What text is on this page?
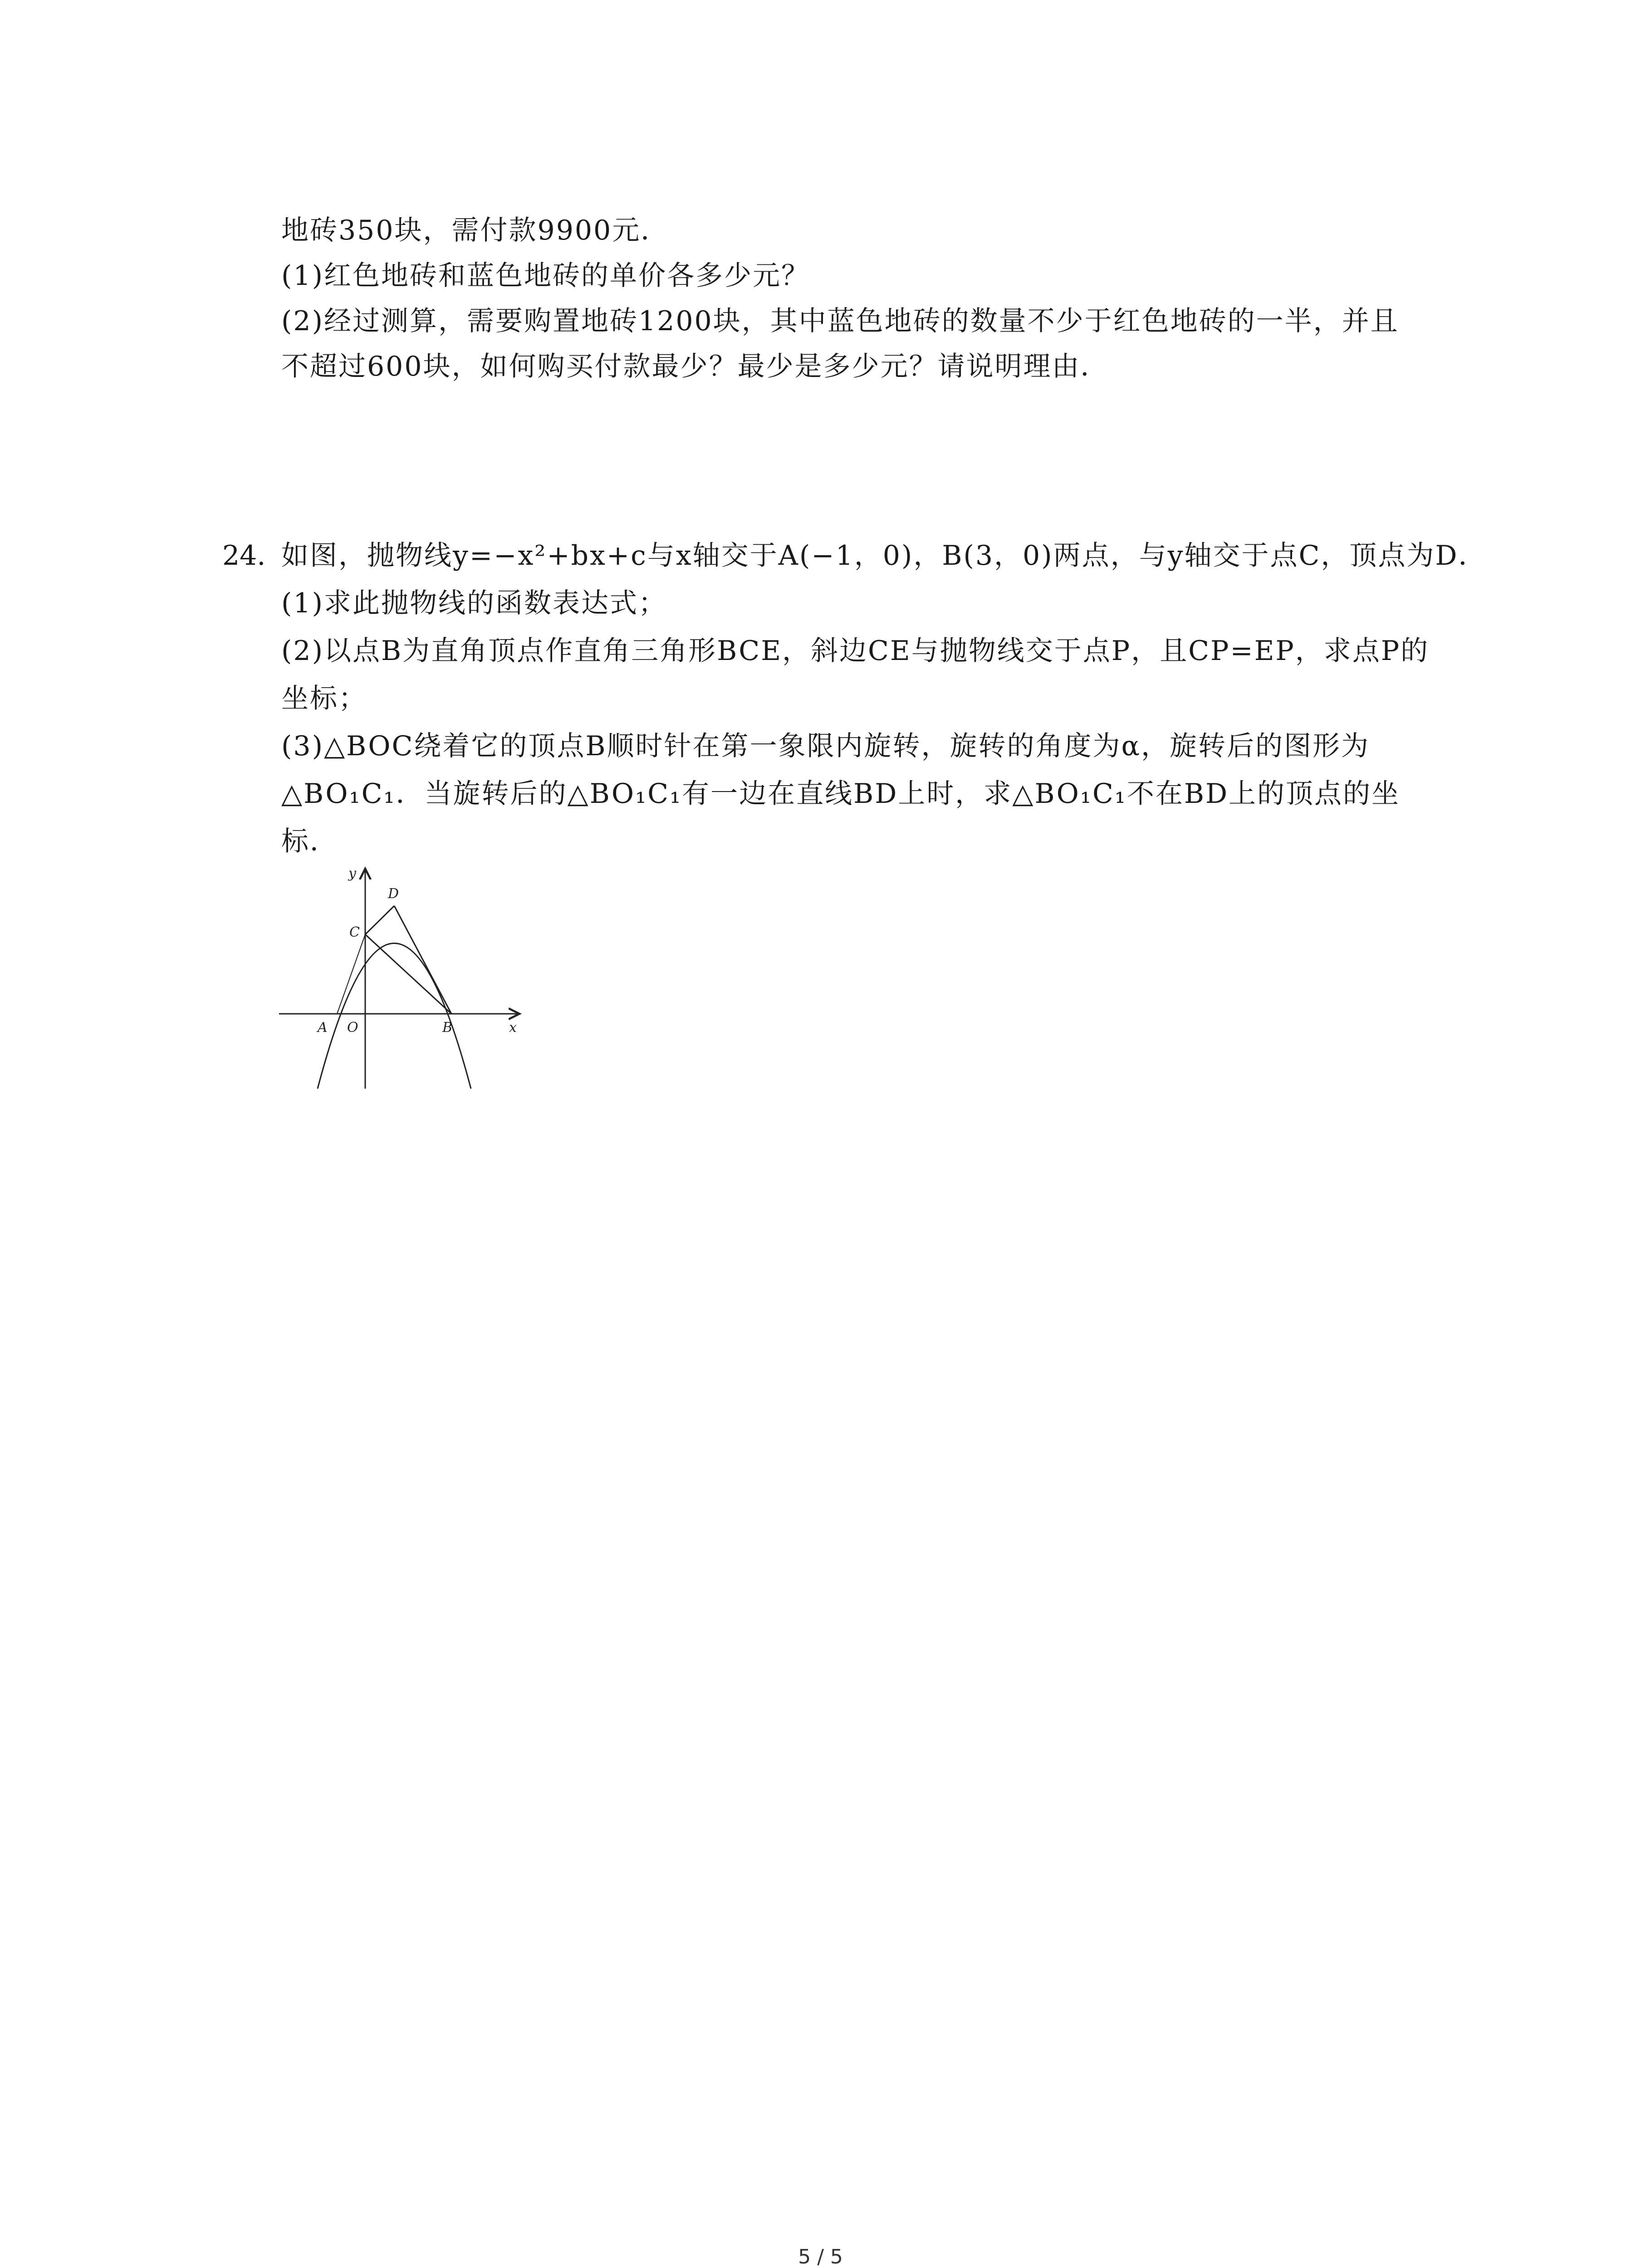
地砖350块，需付款9900元．
(1)红色地砖和蓝色地砖的单价各多少元？
(2)经过测算，需要购置地砖1200块，其中蓝色地砖的数量不少于红色地砖的一半，并且
不超过600块，如何购买付款最少？最少是多少元？请说明理由．
24. 如图，抛物线y=−x²+bx+c与x轴交于A(−1，0)，B(3，0)两点，与y轴交于点C，顶点为D．
(1)求此抛物线的函数表达式；
(2)以点B为直角顶点作直角三角形BCE，斜边CE与抛物线交于点P，且CP=EP，求点P的
坐标；
(3)△BOC绕着它的顶点B顺时针在第一象限内旋转，旋转的角度为α，旋转后的图形为
△BO₁C₁．当旋转后的△BO₁C₁有一边在直线BD上时，求△BO₁C₁不在BD上的顶点的坐
标．
y
x
D
C
A O	B
5 / 5
